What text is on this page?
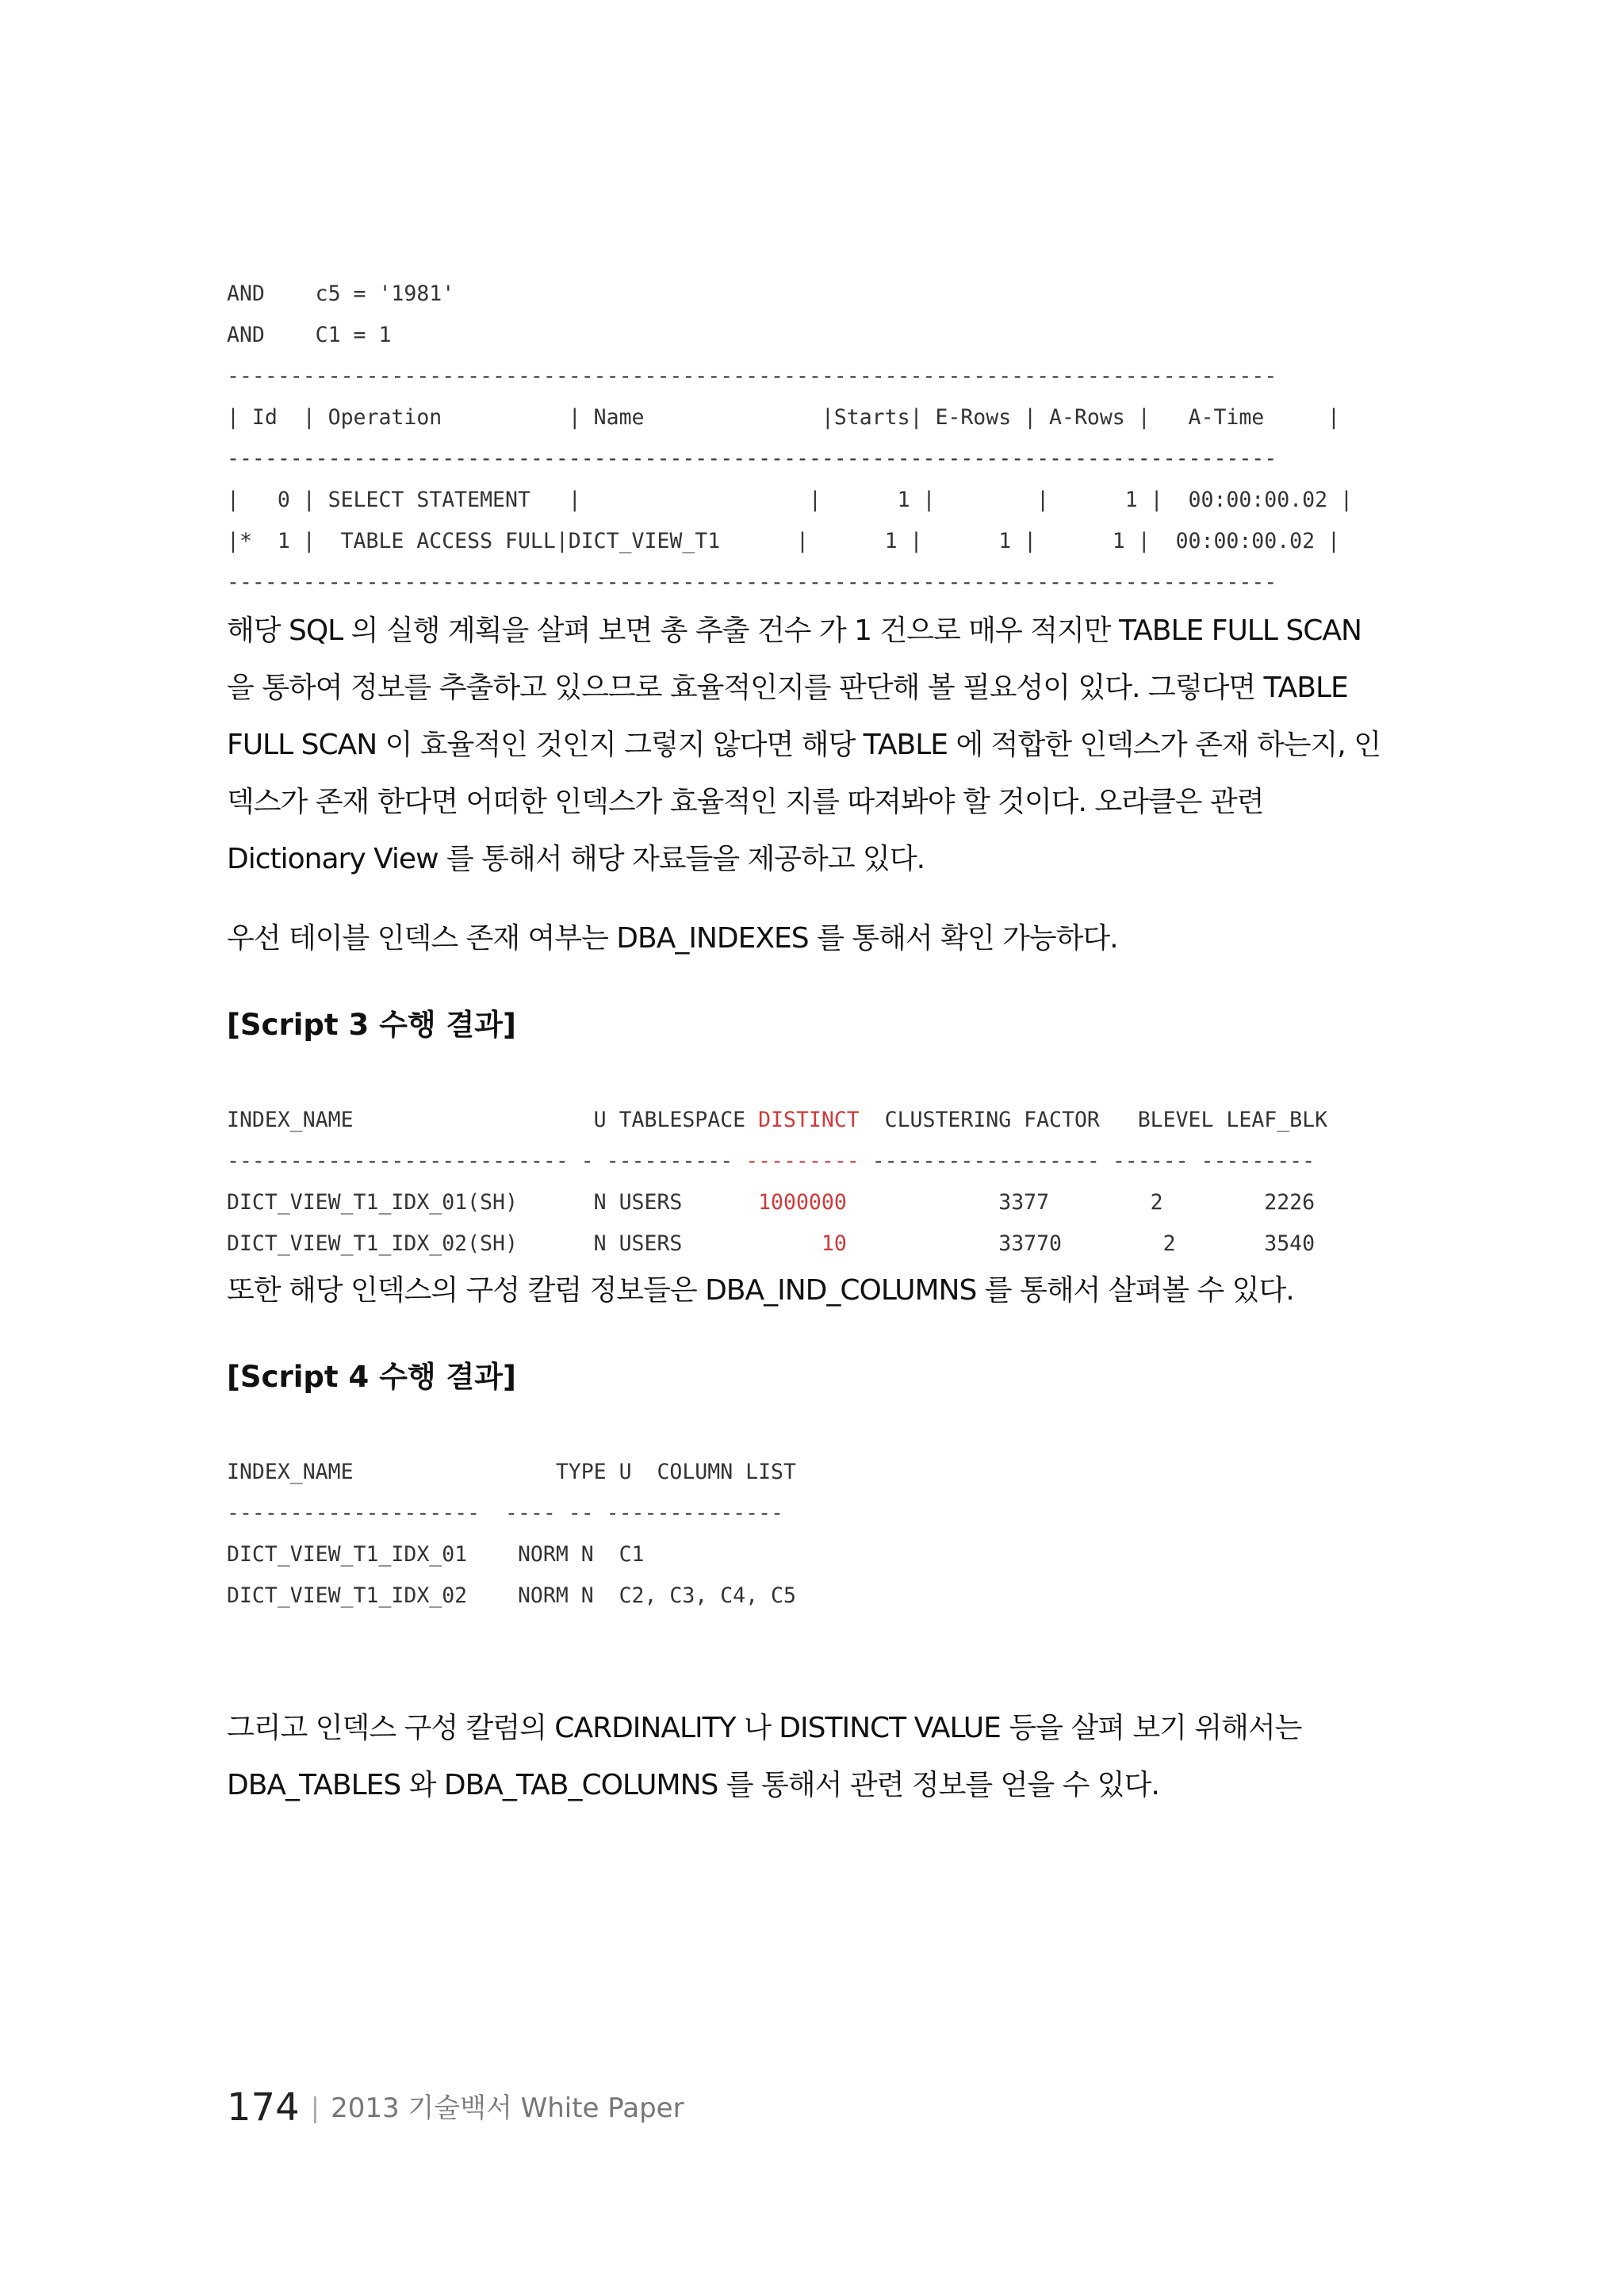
AND    c5 = '1981'
AND    C1 = 1
-----------------------------------------------------------------------------------
| Id  | Operation          | Name              |Starts| E-Rows | A-Rows |   A-Time     |
-----------------------------------------------------------------------------------
|   0 | SELECT STATEMENT   |                  |      1 |        |      1 |  00:00:00.02 |
|*  1 |  TABLE ACCESS FULL|DICT_VIEW_T1      |      1 |      1 |      1 |  00:00:00.02 |
-----------------------------------------------------------------------------------

해당 SQL 의 실행 계획을 살펴 보면 총 추출 건수 가 1 건으로 매우 적지만 TABLE FULL SCAN 을 통하여 정보를 추출하고 있으므로 효율적인지를 판단해 볼 필요성이 있다. 그렇다면 TABLE FULL SCAN 이 효율적인 것인지 그렇지 않다면 해당 TABLE 에 적합한 인덱스가 존재 하는지, 인덱스가 존재 한다면 어떠한 인덱스가 효율적인 지를 따져봐야 할 것이다. 오라클은 관련 Dictionary View 를 통해서 해당 자료들을 제공하고 있다.

우선 테이블 인덱스 존재 여부는 DBA_INDEXES 를 통해서 확인 가능하다.

[Script 3 수행 결과]
INDEX_NAME                   U TABLESPACE DISTINCT  CLUSTERING FACTOR   BLEVEL LEAF_BLK
--------------------------- - ---------- --------- ------------------ ------ ---------
DICT_VIEW_T1_IDX_01(SH)      N USERS      1000000            3377        2        2226
DICT_VIEW_T1_IDX_02(SH)      N USERS           10            33770        2       3540

또한 해당 인덱스의 구성 칼럼 정보들은 DBA_IND_COLUMNS 를 통해서 살펴볼 수 있다.

[Script 4 수행 결과]
INDEX_NAME                TYPE U  COLUMN LIST
--------------------  ---- -- --------------
DICT_VIEW_T1_IDX_01    NORM N  C1
DICT_VIEW_T1_IDX_02    NORM N  C2, C3, C4, C5

그리고 인덱스 구성 칼럼의 CARDINALITY 나 DISTINCT VALUE 등을 살펴 보기 위해서는 DBA_TABLES 와 DBA_TAB_COLUMNS 를 통해서 관련 정보를 얻을 수 있다.

174 | 2013 기술백서 White Paper
